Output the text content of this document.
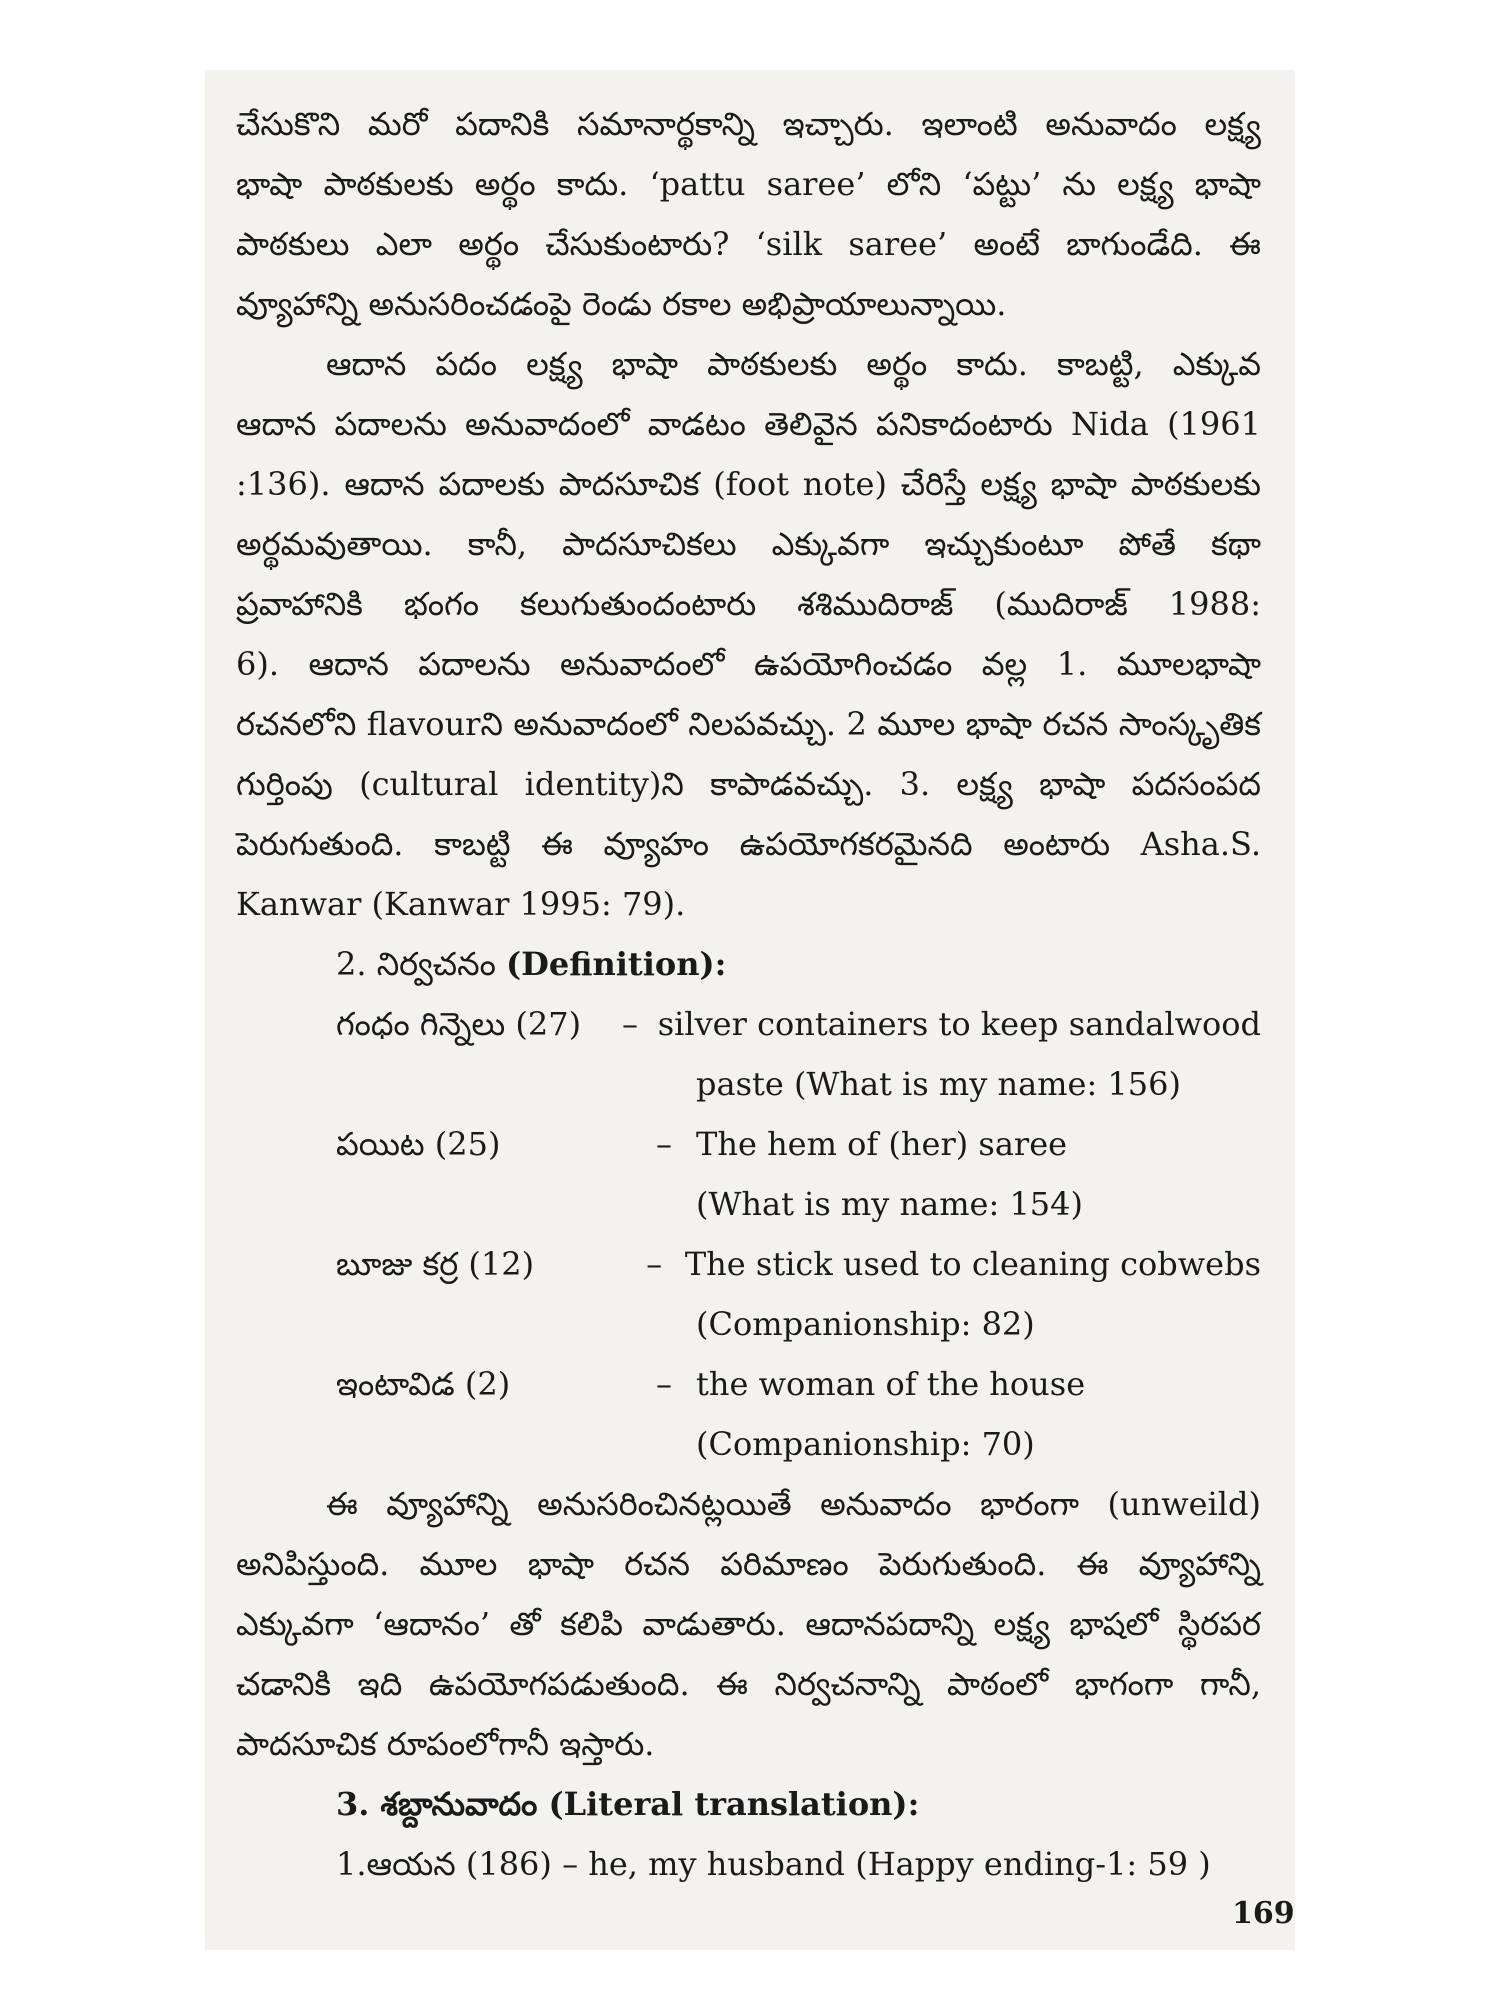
చేసుకొని మరో పదానికి సమానార్థకాన్ని ఇచ్చారు. ఇలాంటి అనువాదం లక్ష్య
భాషా పాఠకులకు అర్థం కాదు. ‘pattu saree’ లోని ‘పట్టు’ ను లక్ష్య భాషా
పాఠకులు ఎలా అర్థం చేసుకుంటారు? ‘silk saree’ అంటే బాగుండేది. ఈ
వ్యూహాన్ని అనుసరించడంపై రెండు రకాల అభిప్రాయాలున్నాయి.

ఆదాన పదం లక్ష్య భాషా పాఠకులకు అర్థం కాదు. కాబట్టి, ఎక్కువ
ఆదాన పదాలను అనువాదంలో వాడటం తెలివైన పనికాదంటారు Nida (1961
:136). ఆదాన పదాలకు పాదసూచిక (foot note) చేరిస్తే లక్ష్య భాషా పాఠకులకు
అర్థమవుతాయి. కానీ, పాదసూచికలు ఎక్కువగా ఇచ్చుకుంటూ పోతే కథా
ప్రవాహానికి భంగం కలుగుతుందంటారు శశిముదిరాజ్ (ముదిరాజ్ 1988:
6). ఆదాన పదాలను అనువాదంలో ఉపయోగించడం వల్ల 1. మూలభాషా
రచనలోని flavourని అనువాదంలో నిలపవచ్చు. 2 మూల భాషా రచన సాంస్కృతిక
గుర్తింపు (cultural identity)ని కాపాడవచ్చు. 3. లక్ష్య భాషా పదసంపద
పెరుగుతుంది. కాబట్టి ఈ వ్యూహం ఉపయోగకరమైనది అంటారు Asha.S.
Kanwar (Kanwar 1995: 79).

2. నిర్వచనం (Definition):
గంధం గిన్నెలు (27)	– silver containers to keep sandalwood
paste (What is my name: 156)
పయిట (25)	– The hem of (her) saree
(What is my name: 154)
బూజు కర్ర (12)	– The stick used to cleaning cobwebs
(Companionship: 82)
ఇంటావిడ (2)	– the woman of the house
(Companionship: 70)

ఈ వ్యూహాన్ని అనుసరించినట్లయితే అనువాదం భారంగా (unweild)
అనిపిస్తుంది. మూల భాషా రచన పరిమాణం పెరుగుతుంది. ఈ వ్యూహాన్ని
ఎక్కువగా ‘ఆదానం’ తో కలిపి వాడుతారు. ఆదానపదాన్ని లక్ష్య భాషలో స్థిరపర
చడానికి ఇది ఉపయోగపడుతుంది. ఈ నిర్వచనాన్ని పాఠంలో భాగంగా గానీ,
పాదసూచిక రూపంలోగానీ ఇస్తారు.

3. శబ్దానువాదం (Literal translation):

1.ఆయన (186) – he, my husband (Happy ending-1: 59 )

169
